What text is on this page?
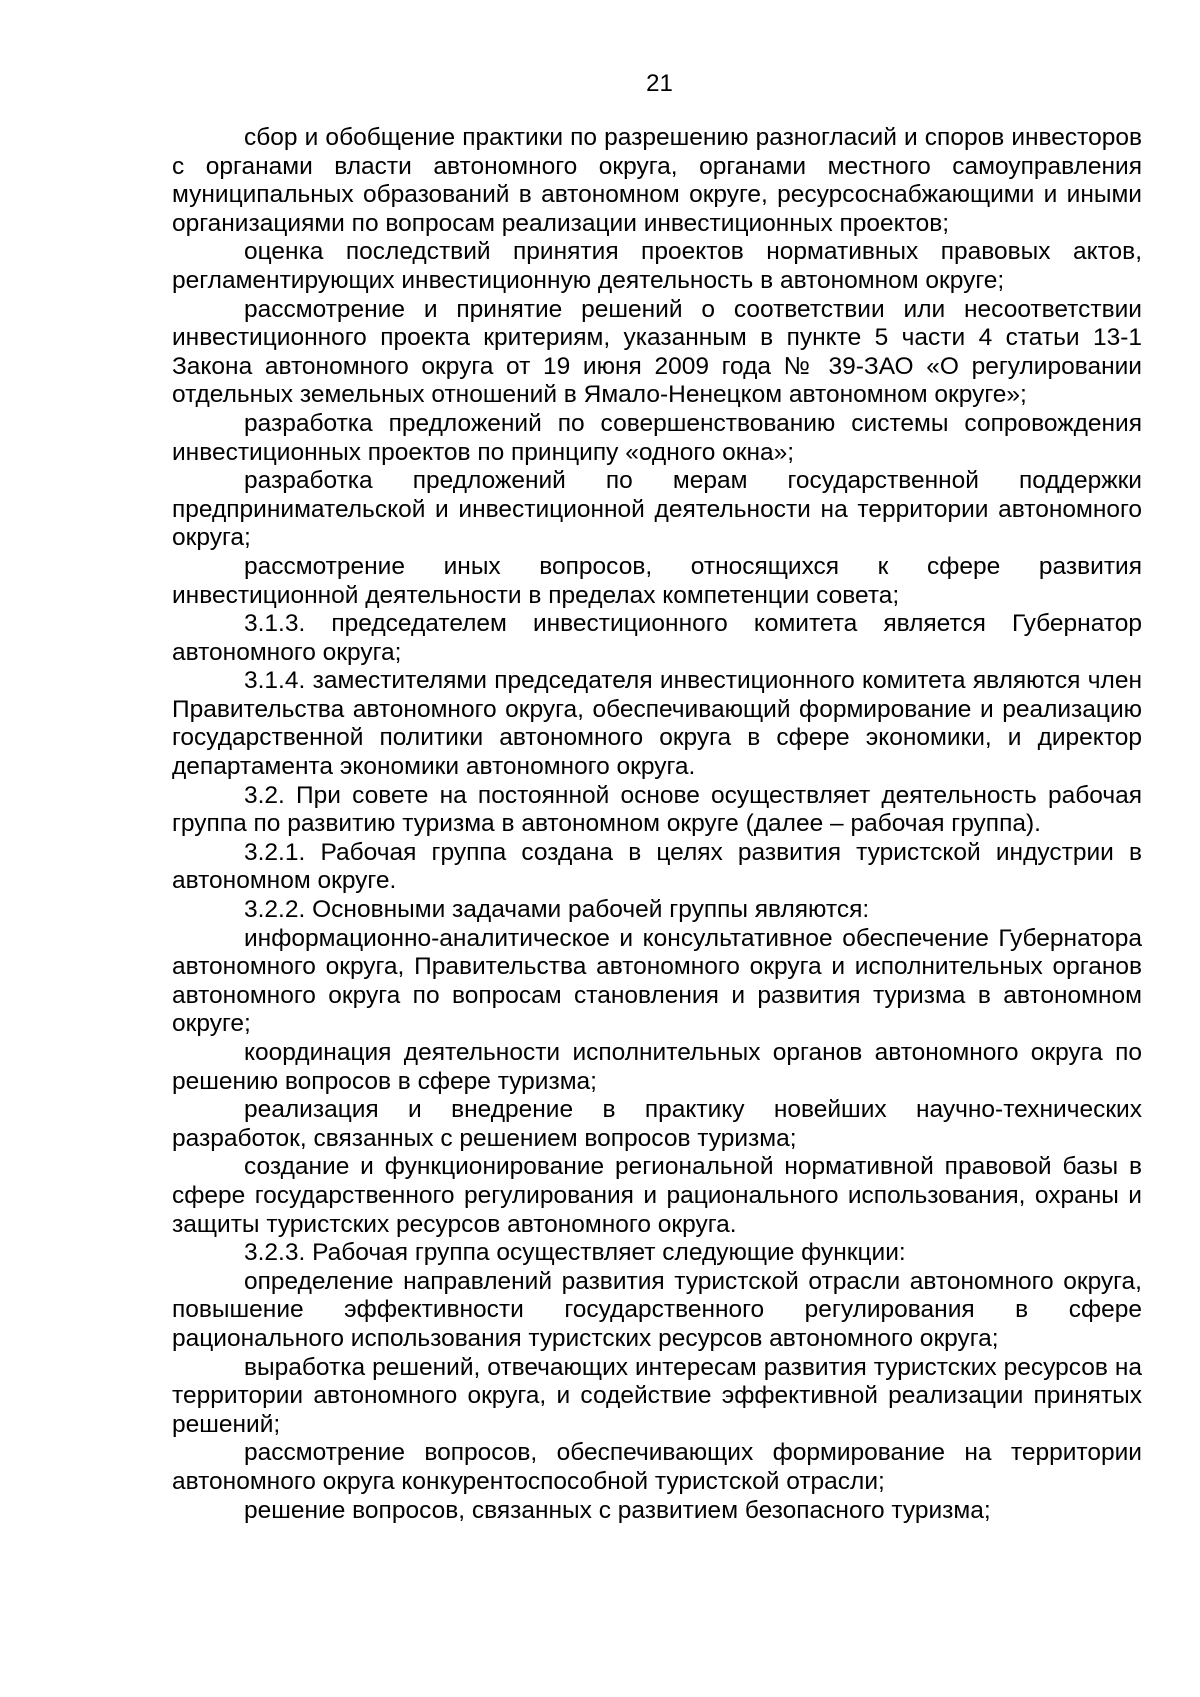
21

сбор и обобщение практики по разрешению разногласий и споров инвесторов с органами власти автономного округа, органами местного самоуправления муниципальных образований в автономном округе, ресурсоснабжающими и иными организациями по вопросам реализации инвестиционных проектов;

оценка последствий принятия проектов нормативных правовых актов, регламентирующих инвестиционную деятельность в автономном округе;

рассмотрение и принятие решений о соответствии или несоответствии инвестиционного проекта критериям, указанным в пункте 5 части 4 статьи 13-1 Закона автономного округа от 19 июня 2009 года № 39-ЗАО «О регулировании отдельных земельных отношений в Ямало-Ненецком автономном округе»;

разработка предложений по совершенствованию системы сопровождения инвестиционных проектов по принципу «одного окна»;

разработка предложений по мерам государственной поддержки предпринимательской и инвестиционной деятельности на территории автономного округа;

рассмотрение иных вопросов, относящихся к сфере развития инвестиционной деятельности в пределах компетенции совета;

3.1.3. председателем инвестиционного комитета является Губернатор автономного округа;

3.1.4. заместителями председателя инвестиционного комитета являются член Правительства автономного округа, обеспечивающий формирование и реализацию государственной политики автономного округа в сфере экономики, и директор департамента экономики автономного округа.

3.2. При совете на постоянной основе осуществляет деятельность рабочая группа по развитию туризма в автономном округе (далее – рабочая группа).

3.2.1. Рабочая группа создана в целях развития туристской индустрии в автономном округе.

3.2.2. Основными задачами рабочей группы являются:

информационно-аналитическое и консультативное обеспечение Губернатора автономного округа, Правительства автономного округа и исполнительных органов автономного округа по вопросам становления и развития туризма в автономном округе;

координация деятельности исполнительных органов автономного округа по решению вопросов в сфере туризма;

реализация и внедрение в практику новейших научно-технических разработок, связанных с решением вопросов туризма;

создание и функционирование региональной нормативной правовой базы в сфере государственного регулирования и рационального использования, охраны и защиты туристских ресурсов автономного округа.

3.2.3. Рабочая группа осуществляет следующие функции:

определение направлений развития туристской отрасли автономного округа, повышение эффективности государственного регулирования в сфере рационального использования туристских ресурсов автономного округа;

выработка решений, отвечающих интересам развития туристских ресурсов на территории автономного округа, и содействие эффективной реализации принятых решений;

рассмотрение вопросов, обеспечивающих формирование на территории автономного округа конкурентоспособной туристской отрасли;

решение вопросов, связанных с развитием безопасного туризма;
